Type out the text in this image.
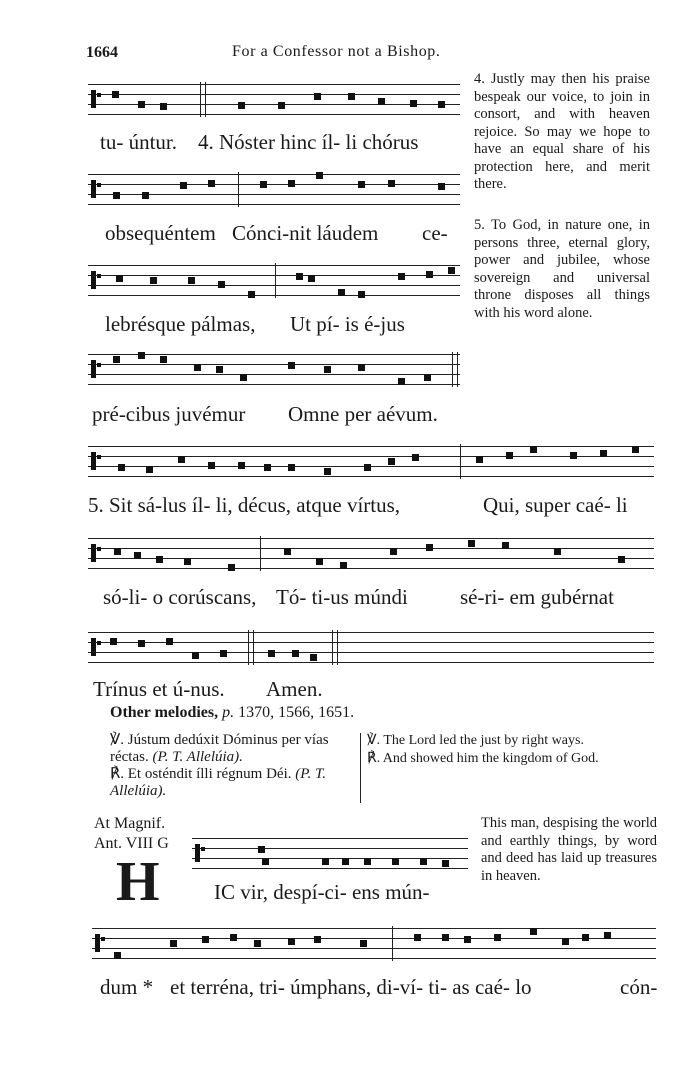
1664	For a Confessor not a Bishop.
tu- úntur. 4. Nóster hinc íl- li chórus
obsequéntem Cónci-nit láudem ce-
lebrésque pálmas, Ut pí- is é-jus
pré-cibus juvémur Omne per aévum.
4. Justly may then his praise bespeak our voice, to join in consort, and with heaven rejoice. So may we hope to have an equal share of his protection here, and merit there.
5. To God, in nature one, in persons three, eternal glory, power and jubilee, whose sovereign and universal throne disposes all things with his word alone.
5. Sit sá-lus íl- li, décus, atque vírtus,	Qui, super caé- li
só-li- o corúscans, Tó- ti-us múndi sé-ri- em gubérnat
Trínus et ú-nus. Amen.
Other melodies, p. 1370, 1566, 1651.
℣. Jústum dedúxit Dóminus per vías réctas. (P. T. Allelúia).
℟. Et osténdit ílli régnum Déi. (P. T. Allelúia).
℣. The Lord led the just by right ways.
℟. And showed him the kingdom of God.
At Magnif.
Ant. VIII G
H	IC vir, despí-ci- ens mún-
This man, despising the world and earthly things, by word and deed has laid up treasures in heaven.
dum * et terréna, tri- úmphans, di-ví- ti- as caé- lo	cón-
